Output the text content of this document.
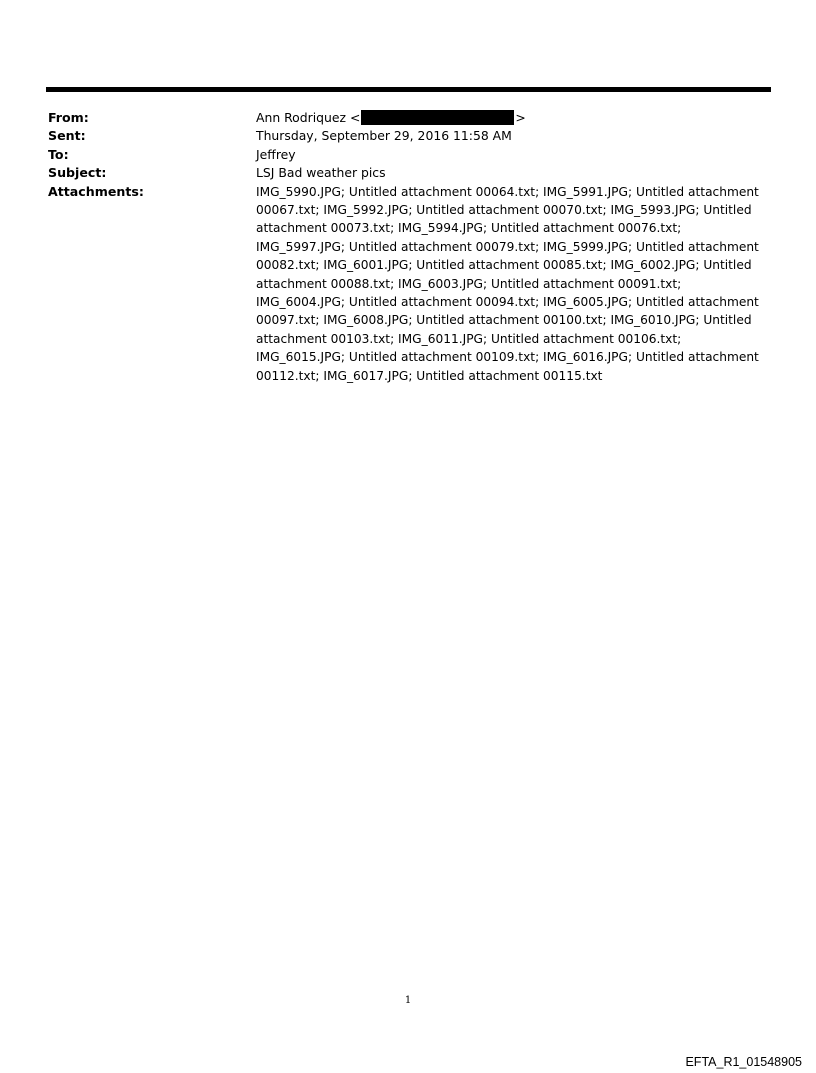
From:	Ann Rodriquez <	>
Sent:	Thursday, September 29, 2016 11:58 AM
To:	Jeffrey
Subject:	LSJ Bad weather pics
Attachments:	IMG_5990.JPG; Untitled attachment 00064.txt; IMG_5991.JPG; Untitled attachment 00067.txt; IMG_5992.JPG; Untitled attachment 00070.txt; IMG_5993.JPG; Untitled attachment 00073.txt; IMG_5994.JPG; Untitled attachment 00076.txt; IMG_5997.JPG; Untitled attachment 00079.txt; IMG_5999.JPG; Untitled attachment 00082.txt; IMG_6001.JPG; Untitled attachment 00085.txt; IMG_6002.JPG; Untitled attachment 00088.txt; IMG_6003.JPG; Untitled attachment 00091.txt; IMG_6004.JPG; Untitled attachment 00094.txt; IMG_6005.JPG; Untitled attachment 00097.txt; IMG_6008.JPG; Untitled attachment 00100.txt; IMG_6010.JPG; Untitled attachment 00103.txt; IMG_6011.JPG; Untitled attachment 00106.txt; IMG_6015.JPG; Untitled attachment 00109.txt; IMG_6016.JPG; Untitled attachment 00112.txt; IMG_6017.JPG; Untitled attachment 00115.txt
1
EFTA_R1_01548905
